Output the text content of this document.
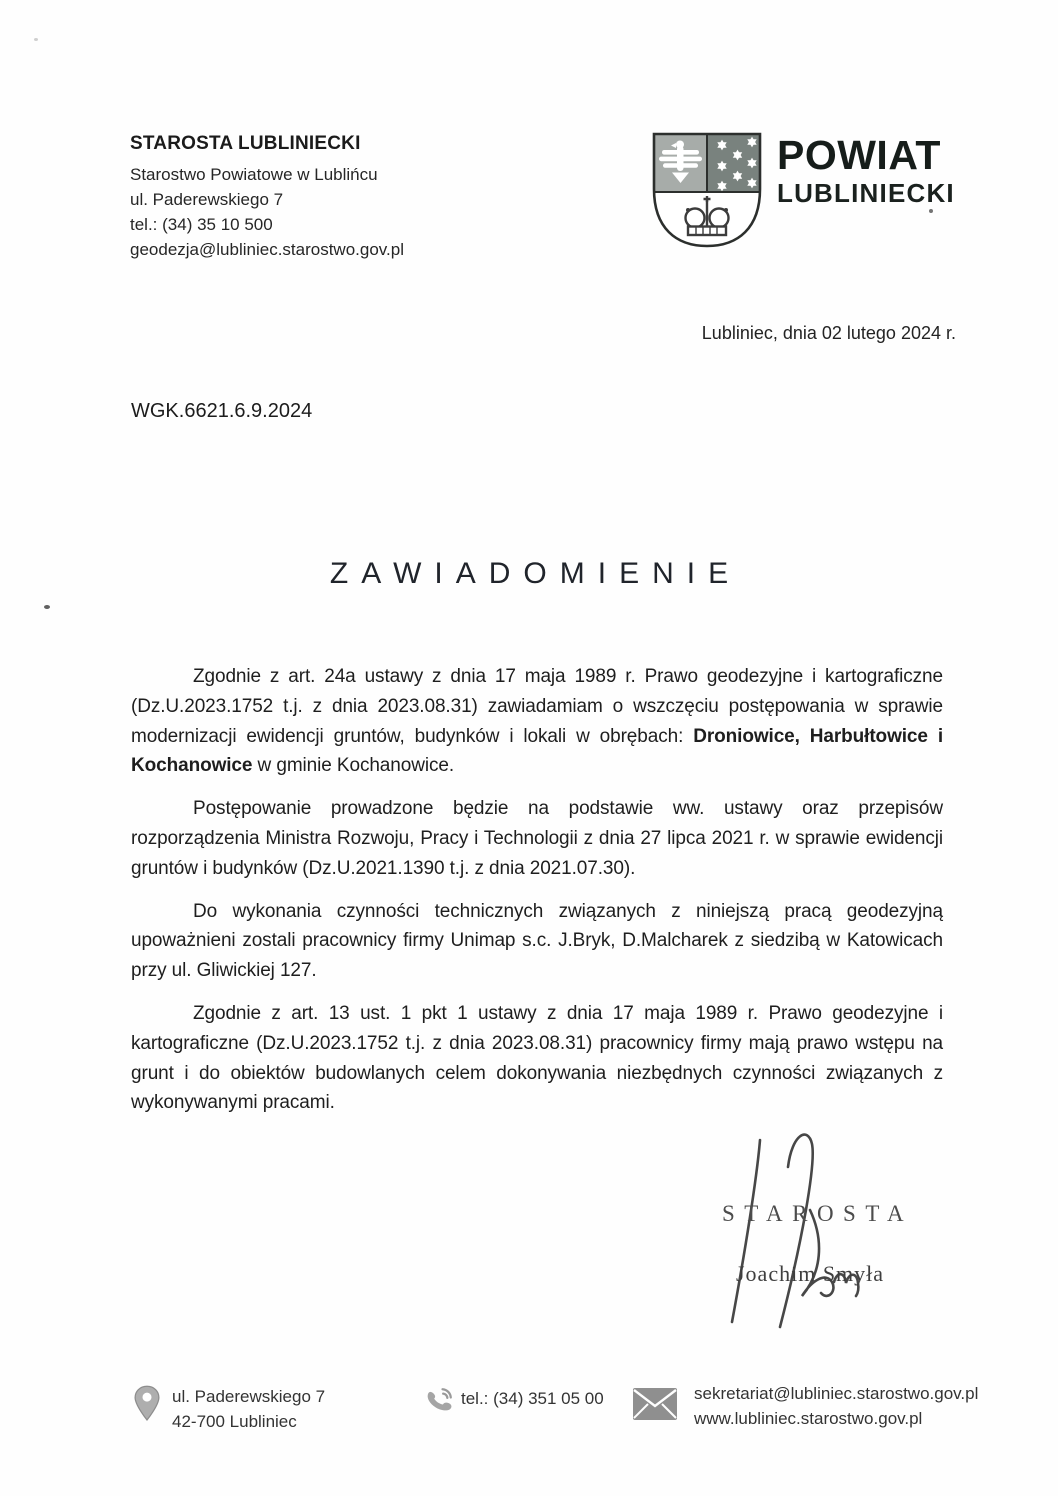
STAROSTA LUBLINIECKI
Starostwo Powiatowe w Lublińcu
ul. Paderewskiego 7
tel.: (34) 35 10 500
geodezja@lubliniec.starostwo.gov.pl
POWIAT
LUBLINIECKI
Lubliniec, dnia 02 lutego 2024 r.
WGK.6621.6.9.2024
ZAWIADOMIENIE

Zgodnie z art. 24a ustawy z dnia 17 maja 1989 r. Prawo geodezyjne i kartograficzne (Dz.U.2023.1752 t.j. z dnia 2023.08.31) zawiadamiam o wszczęciu postępowania w sprawie modernizacji ewidencji gruntów, budynków i lokali w obrębach: Droniowice, Harbułtowice i Kochanowice w gminie Kochanowice.

Postępowanie prowadzone będzie na podstawie ww. ustawy oraz przepisów rozporządzenia Ministra Rozwoju, Pracy i Technologii z dnia 27 lipca 2021 r. w sprawie ewidencji gruntów i budynków (Dz.U.2021.1390 t.j. z dnia 2021.07.30).

Do wykonania czynności technicznych związanych z niniejszą pracą geodezyjną upoważnieni zostali pracownicy firmy Unimap s.c. J.Bryk, D.Malcharek z siedzibą w Katowicach przy ul. Gliwickiej 127.

Zgodnie z art. 13 ust. 1 pkt 1 ustawy z dnia 17 maja 1989 r. Prawo geodezyjne i kartograficzne (Dz.U.2023.1752 t.j. z dnia 2023.08.31) pracownicy firmy mają prawo wstępu na grunt i do obiektów budowlanych celem dokonywania niezbędnych czynności związanych z wykonywanymi pracami.

STAROSTA
Joachim Smyła
ul. Paderewskiego 7
42-700 Lubliniec
tel.: (34) 351 05 00	sekretariat@lubliniec.starostwo.gov.pl
www.lubliniec.starostwo.gov.pl
